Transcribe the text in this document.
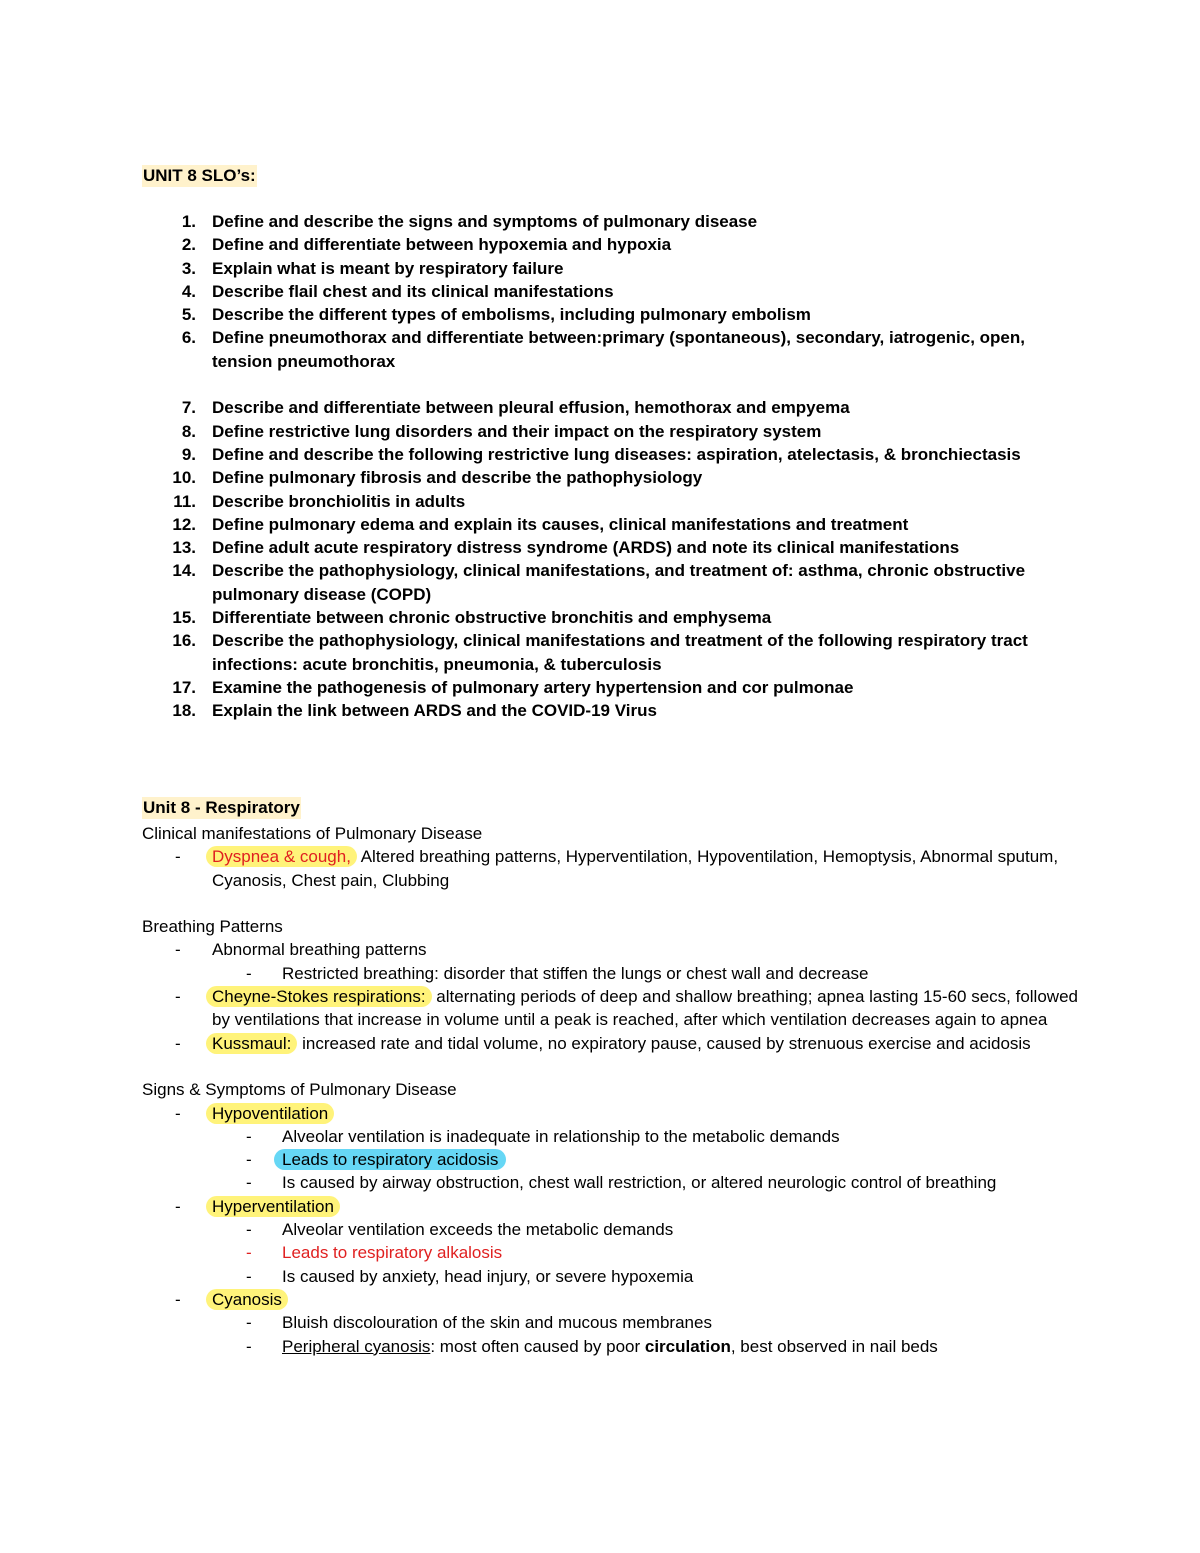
UNIT 8 SLO’s:
1. Define and describe the signs and symptoms of pulmonary disease
2. Define and differentiate between hypoxemia and hypoxia
3. Explain what is meant by respiratory failure
4. Describe flail chest and its clinical manifestations
5. Describe the different types of embolisms, including pulmonary embolism
6. Define pneumothorax and differentiate between:primary (spontaneous), secondary, iatrogenic, open, tension pneumothorax
7. Describe and differentiate between pleural effusion, hemothorax and empyema
8. Define restrictive lung disorders and their impact on the respiratory system
9. Define and describe the following restrictive lung diseases: aspiration, atelectasis, & bronchiectasis
10. Define pulmonary fibrosis and describe the pathophysiology
11. Describe bronchiolitis in adults
12. Define pulmonary edema and explain its causes, clinical manifestations and treatment
13. Define adult acute respiratory distress syndrome (ARDS) and note its clinical manifestations
14. Describe the pathophysiology, clinical manifestations, and treatment of: asthma, chronic obstructive pulmonary disease (COPD)
15. Differentiate between chronic obstructive bronchitis and emphysema
16. Describe the pathophysiology, clinical manifestations and treatment of the following respiratory tract infections: acute bronchitis, pneumonia, & tuberculosis
17. Examine the pathogenesis of pulmonary artery hypertension and cor pulmonae
18. Explain the link between ARDS and the COVID-19 Virus
Unit 8 - Respiratory
Clinical manifestations of Pulmonary Disease
- Dyspnea & cough, Altered breathing patterns, Hyperventilation, Hypoventilation, Hemoptysis, Abnormal sputum, Cyanosis, Chest pain, Clubbing
Breathing Patterns
- Abnormal breathing patterns
- Restricted breathing: disorder that stiffen the lungs or chest wall and decrease
- Cheyne-Stokes respirations: alternating periods of deep and shallow breathing; apnea lasting 15-60 secs, followed by ventilations that increase in volume until a peak is reached, after which ventilation decreases again to apnea
- Kussmaul: increased rate and tidal volume, no expiratory pause, caused by strenuous exercise and acidosis
Signs & Symptoms of Pulmonary Disease
- Hypoventilation
- Alveolar ventilation is inadequate in relationship to the metabolic demands
- Leads to respiratory acidosis
- Is caused by airway obstruction, chest wall restriction, or altered neurologic control of breathing
- Hyperventilation
- Alveolar ventilation exceeds the metabolic demands
- Leads to respiratory alkalosis
- Is caused by anxiety, head injury, or severe hypoxemia
- Cyanosis
- Bluish discolouration of the skin and mucous membranes
- Peripheral cyanosis: most often caused by poor circulation, best observed in nail beds
